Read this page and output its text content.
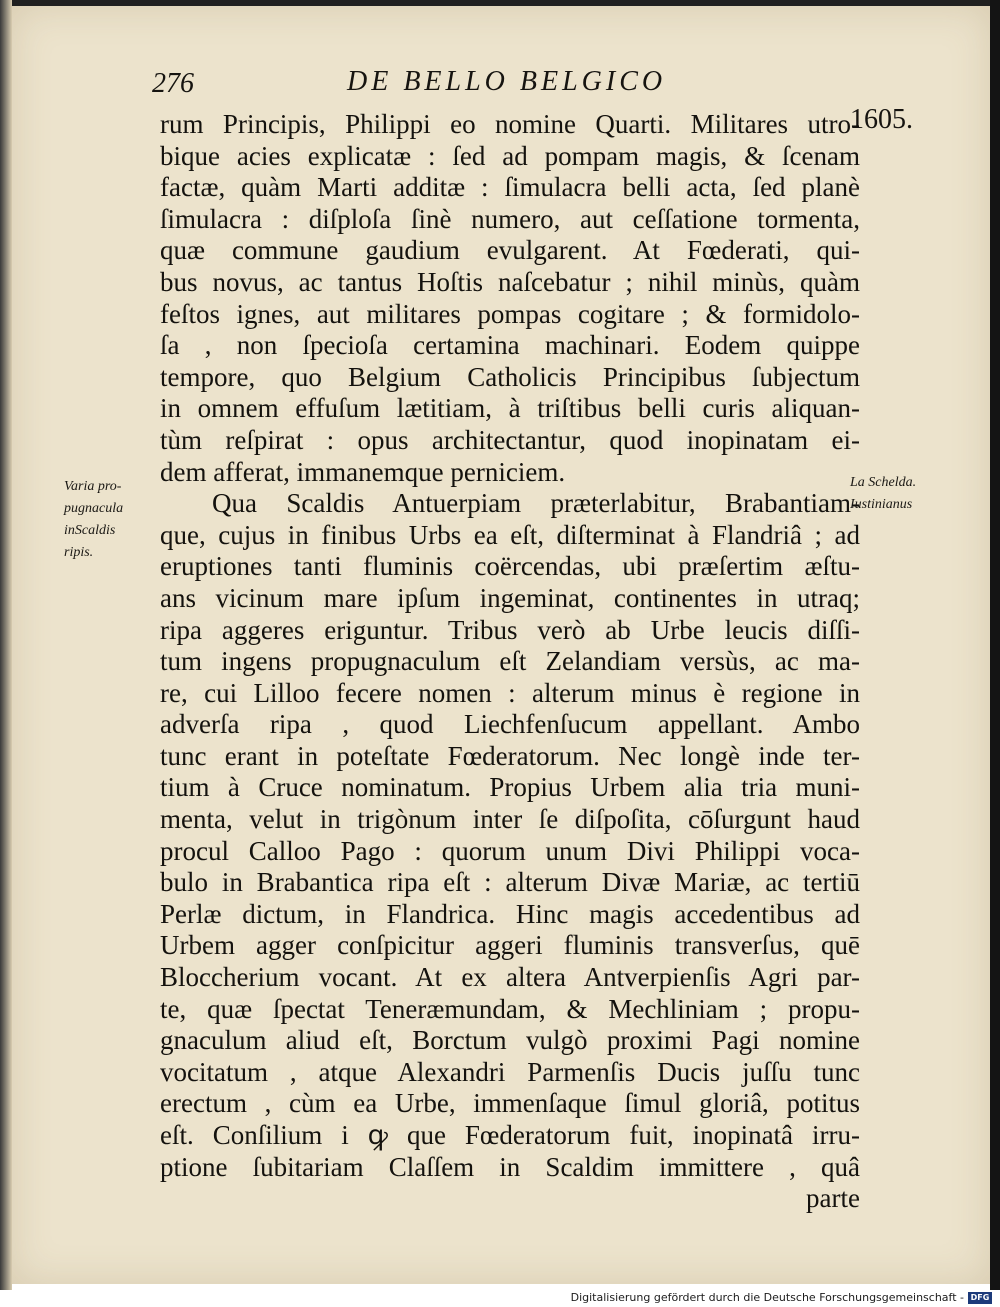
276	DE BELLO BELGICO
1605.
Varia pro-
pugnacula
inScaldis
ripis.
La Schelda.
Iustinianus
rum Principis, Philippi eo nomine Quarti. Militares utro-
bique acies explicatæ : ſed ad pompam magis, & ſcenam
factæ, quàm Marti additæ : ſimulacra belli acta, ſed planè
ſimulacra : diſploſa ſinè numero, aut ceſſatione tormenta,
quæ commune gaudium evulgarent. At Fœderati, qui-
bus novus, ac tantus Hoſtis naſcebatur ; nihil minùs, quàm
feſtos ignes, aut militares pompas cogitare ; & formidolo-
ſa , non ſpecioſa certamina machinari. Eodem quippe
tempore, quo Belgium Catholicis Principibus ſubjectum
in omnem effuſum lætitiam, à triſtibus belli curis aliquan-
tùm reſpirat : opus architectantur, quod inopinatam ei-
dem afferat, immanemque perniciem.
Qua Scaldis Antuerpiam præterlabitur, Brabantiam-
que, cujus in finibus Urbs ea eſt, diſterminat à Flandriâ ; ad
eruptiones tanti fluminis coërcendas, ubi præſertim æſtu-
ans vicinum mare ipſum ingeminat, continentes in utraq;
ripa aggeres eriguntur. Tribus verò ab Urbe leucis diſſi-
tum ingens propugnaculum eſt Zelandiam versùs, ac ma-
re, cui Lilloo fecere nomen : alterum minus è regione in
adverſa ripa , quod Liechfenſucum appellant. Ambo
tunc erant in poteſtate Fœderatorum. Nec longè inde ter-
tium à Cruce nominatum. Propius Urbem alia tria muni-
menta, velut in trigònum inter ſe diſpoſita, cōſurgunt haud
procul Calloo Pago : quorum unum Divi Philippi voca-
bulo in Brabantica ripa eſt : alterum Divæ Mariæ, ac tertiū
Perlæ dictum, in Flandrica. Hinc magis accedentibus ad
Urbem agger conſpicitur aggeri fluminis transverſus, quē
Bloccherium vocant. At ex altera Antverpienſis Agri par-
te, quæ ſpectat Teneræmundam, & Mechliniam ; propu-
gnaculum aliud eſt, Borctum vulgò proximi Pagi nomine
vocitatum , atque Alexandri Parmenſis Ducis juſſu tunc
erectum , cùm ea Urbe, immenſaque ſimul gloriâ, potitus
eſt. Conſilium i ꝙ que Fœderatorum fuit, inopinatâ irru-
ptione ſubitariam Claſſem in Scaldim immittere , quâ
parte
Digitalisierung gefördert durch die Deutsche Forschungsgemeinschaft - DFG
